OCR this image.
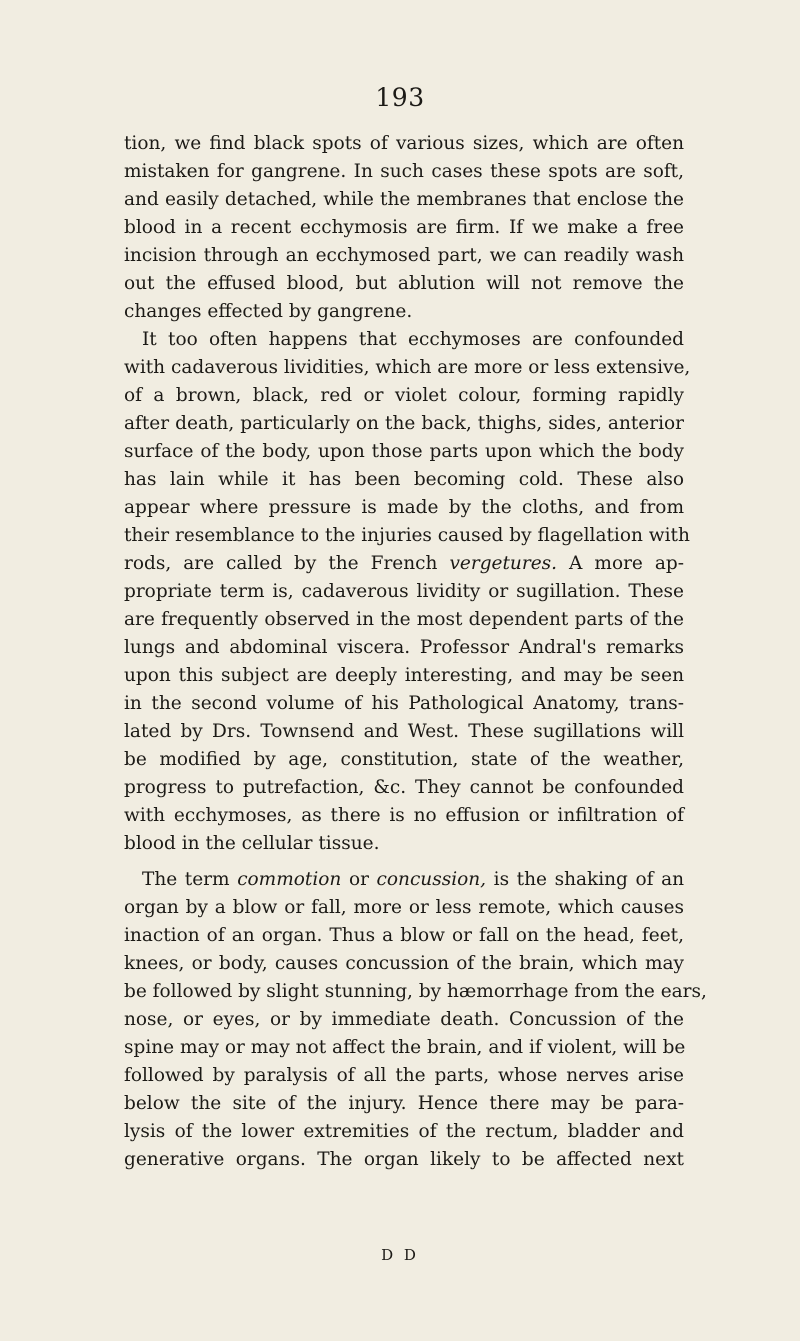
193
tion, we find black spots of various sizes, which are often
mistaken for gangrene. In such cases these spots are soft,
and easily detached, while the membranes that enclose the
blood in a recent ecchymosis are firm. If we make a free
incision through an ecchymosed part, we can readily wash
out the effused blood, but ablution will not remove the
changes effected by gangrene.
It too often happens that ecchymoses are confounded
with cadaverous lividities, which are more or less extensive,
of a brown, black, red or violet colour, forming rapidly
after death, particularly on the back, thighs, sides, anterior
surface of the body, upon those parts upon which the body
has lain while it has been becoming cold. These also
appear where pressure is made by the cloths, and from
their resemblance to the injuries caused by flagellation with
rods, are called by the French vergetures. A more ap-
propriate term is, cadaverous lividity or sugillation. These
are frequently observed in the most dependent parts of the
lungs and abdominal viscera. Professor Andral's remarks
upon this subject are deeply interesting, and may be seen
in the second volume of his Pathological Anatomy, trans-
lated by Drs. Townsend and West. These sugillations will
be modified by age, constitution, state of the weather,
progress to putrefaction, &c. They cannot be confounded
with ecchymoses, as there is no effusion or infiltration of
blood in the cellular tissue.
The term commotion or concussion, is the shaking of an
organ by a blow or fall, more or less remote, which causes
inaction of an organ. Thus a blow or fall on the head, feet,
knees, or body, causes concussion of the brain, which may
be followed by slight stunning, by hæmorrhage from the ears,
nose, or eyes, or by immediate death. Concussion of the
spine may or may not affect the brain, and if violent, will be
followed by paralysis of all the parts, whose nerves arise
below the site of the injury. Hence there may be para-
lysis of the lower extremities of the rectum, bladder and
generative organs. The organ likely to be affected next
D D
